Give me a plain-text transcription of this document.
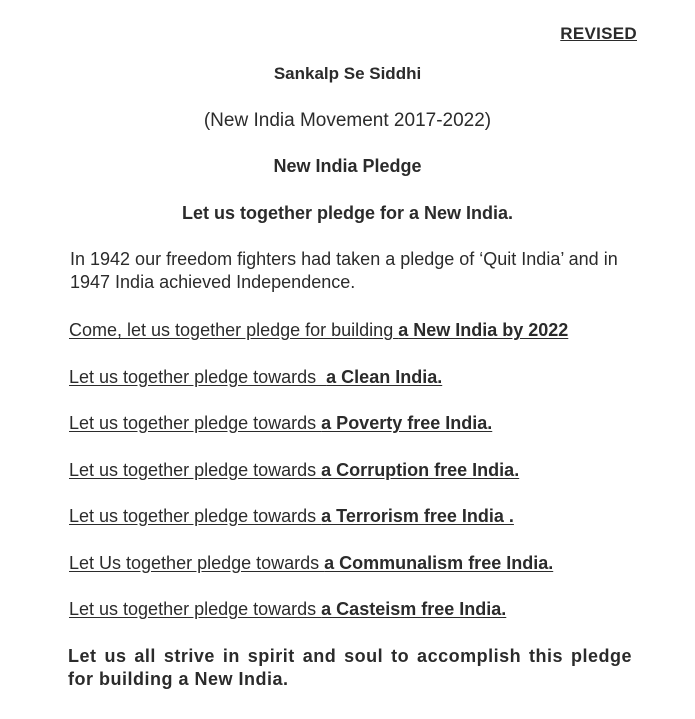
REVISED
Sankalp Se Siddhi
(New India Movement 2017-2022)
New India Pledge
Let us together pledge for a New India.
In 1942 our freedom fighters had taken a pledge of ‘Quit India’ and in 1947 India achieved Independence.
Come, let us together pledge for building a New India by 2022
Let us together pledge towards  a Clean India.
Let us together pledge towards a Poverty free India.
Let us together pledge towards a Corruption free India.
Let us together pledge towards a Terrorism free India .
Let Us together pledge towards a Communalism free India.
Let us together pledge towards a Casteism free India.
Let us all strive in spirit and soul to accomplish this pledge for building a New India.
